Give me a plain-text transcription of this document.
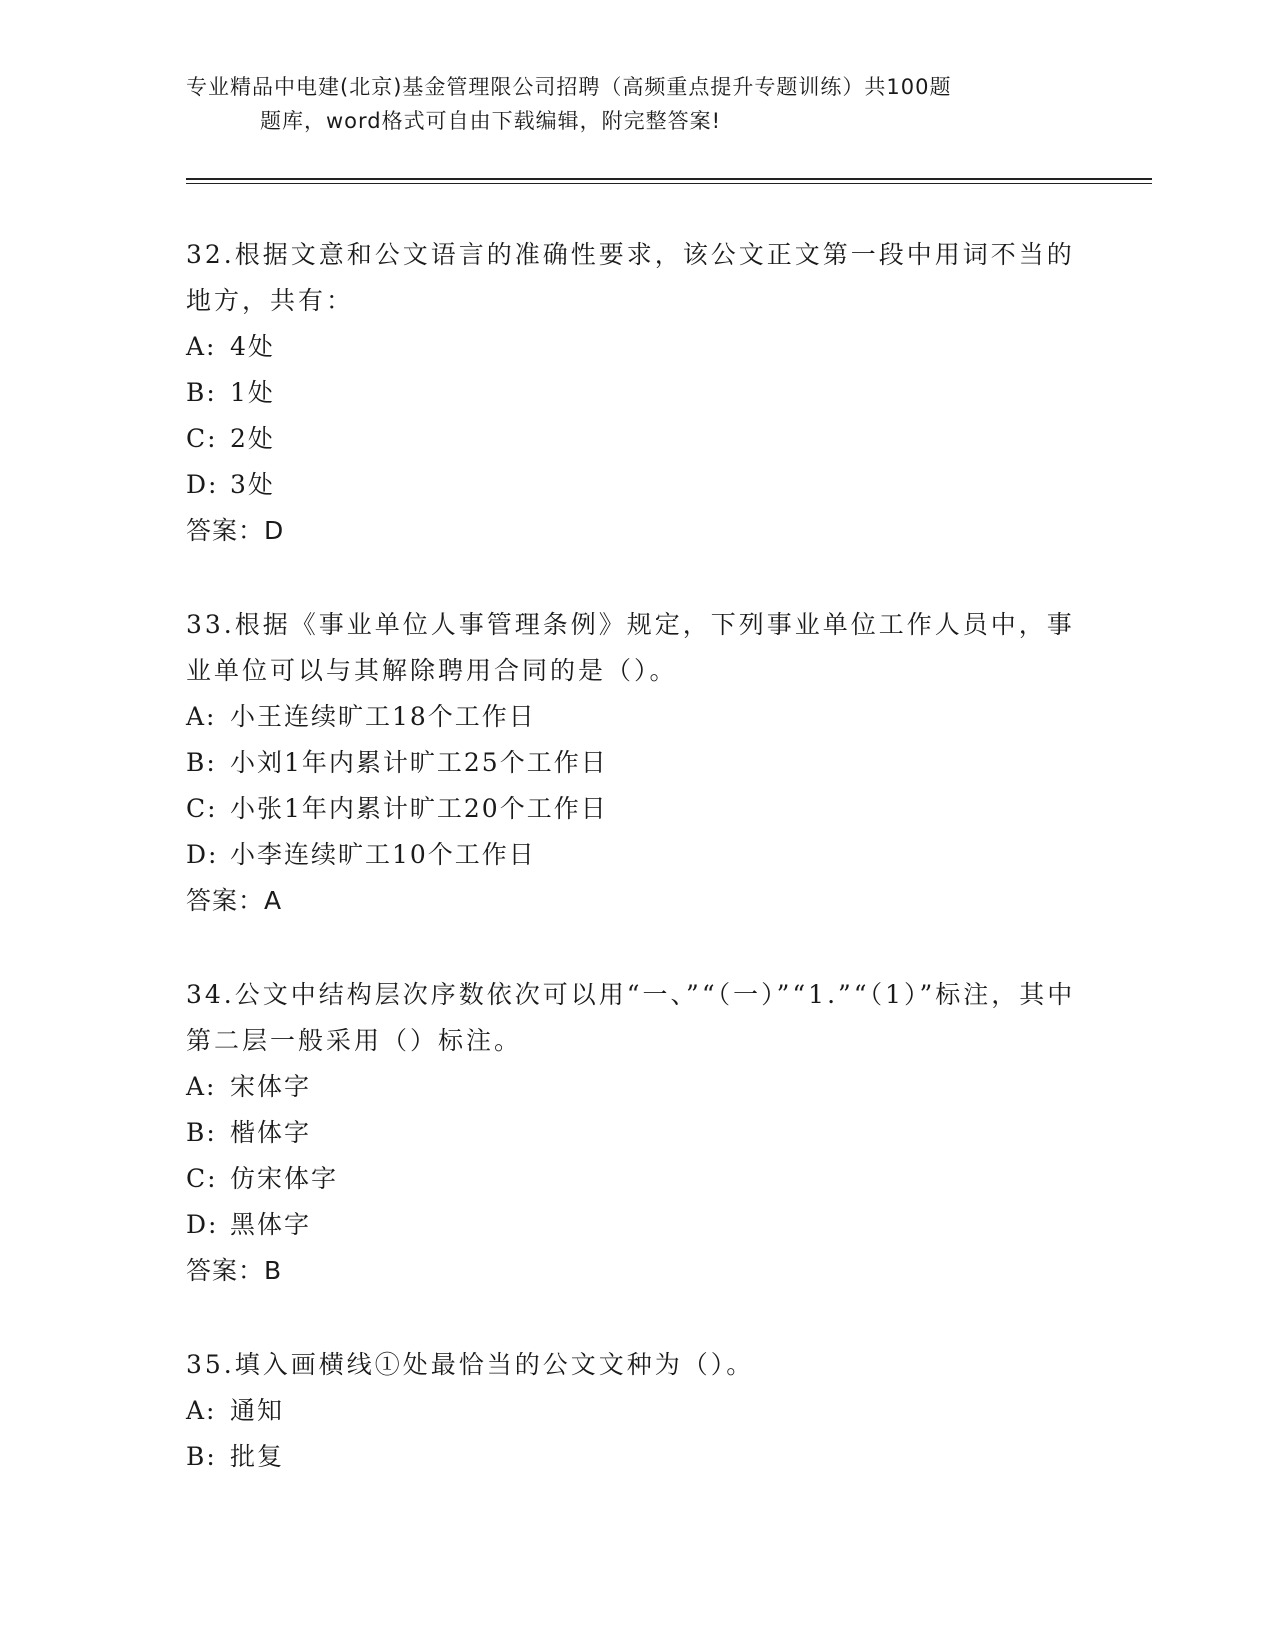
专业精品中电建(北京)基金管理限公司招聘（高频重点提升专题训练）共100题
题库，word格式可自由下载编辑，附完整答案!

32.根据文意和公文语言的准确性要求，该公文正文第一段中用词不当的地方，共有：

A: 4处

B: 1处

C: 2处

D: 3处

答案：D

33.根据《事业单位人事管理条例》规定，下列事业单位工作人员中，事业单位可以与其解除聘用合同的是（）。

A: 小王连续旷工18个工作日

B: 小刘1年内累计旷工25个工作日

C: 小张1年内累计旷工20个工作日

D: 小李连续旷工10个工作日

答案：A

34.公文中结构层次序数依次可以用“一、”“（一）”“1.”“（1）”标注，其中第二层一般采用（）标注。

A: 宋体字

B: 楷体字

C: 仿宋体字

D: 黑体字

答案：B

35.填入画横线①处最恰当的公文文种为（）。

A: 通知

B: 批复
